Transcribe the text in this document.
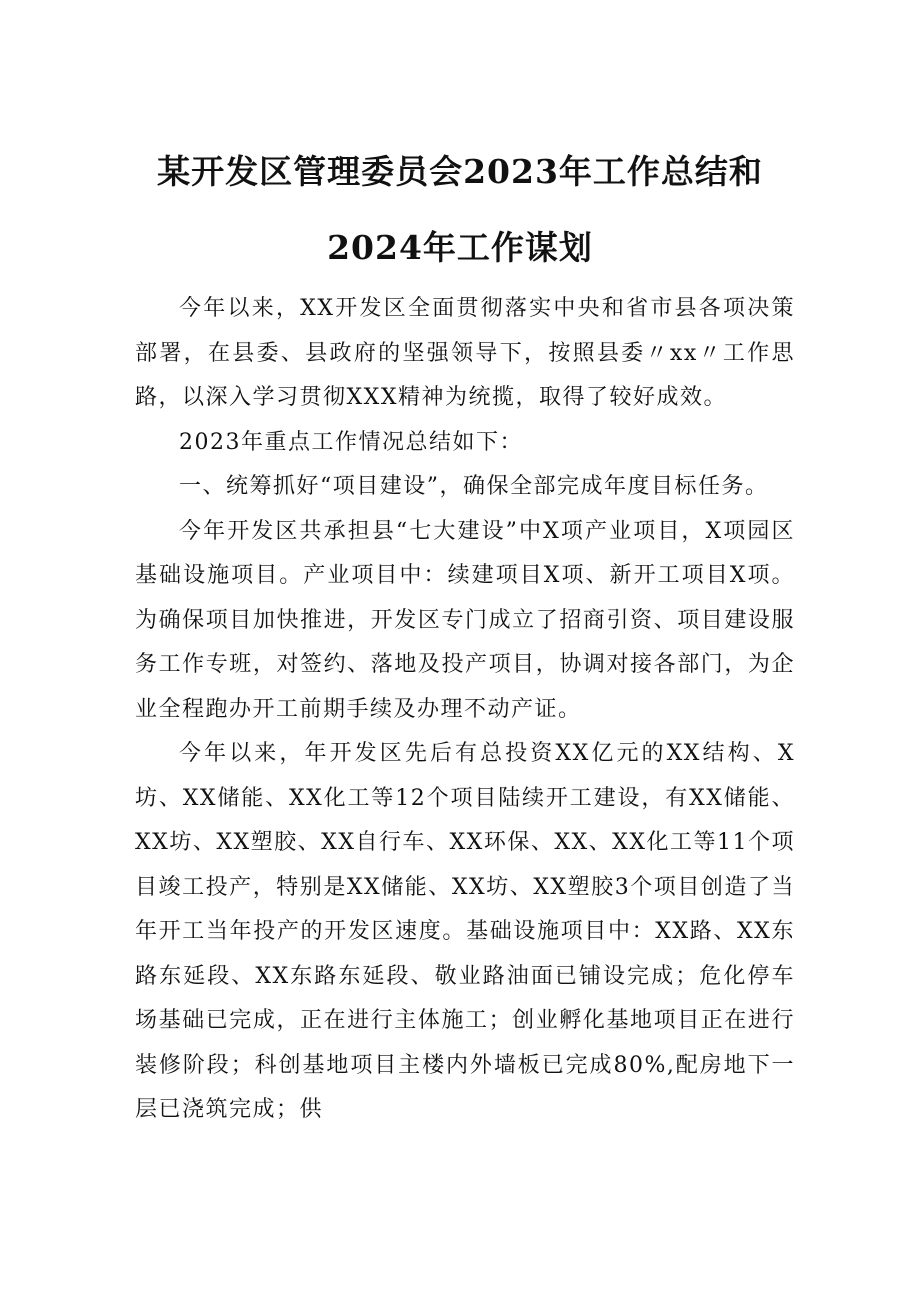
某开发区管理委员会2023年工作总结和
2024年工作谋划

今年以来，XX开发区全面贯彻落实中央和省市县各项决策部署，在县委、县政府的坚强领导下，按照县委〃xx〃工作思路，以深入学习贯彻XXX精神为统揽，取得了较好成效。

2023年重点工作情况总结如下：

一、统筹抓好“项目建设”，确保全部完成年度目标任务。

今年开发区共承担县“七大建设”中X项产业项目，X项园区基础设施项目。产业项目中：续建项目X项、新开工项目X项。为确保项目加快推进，开发区专门成立了招商引资、项目建设服务工作专班，对签约、落地及投产项目，协调对接各部门，为企业全程跑办开工前期手续及办理不动产证。

今年以来，年开发区先后有总投资XX亿元的XX结构、X坊、XX储能、XX化工等12个项目陆续开工建设，有XX储能、XX坊、XX塑胶、XX自行车、XX环保、XX、XX化工等11个项目竣工投产，特别是XX储能、XX坊、XX塑胶3个项目创造了当年开工当年投产的开发区速度。基础设施项目中：XX路、XX东路东延段、XX东路东延段、敬业路油面已铺设完成；危化停车场基础已完成，正在进行主体施工；创业孵化基地项目正在进行装修阶段；科创基地项目主楼内外墙板已完成80%,配房地下一层已浇筑完成；供
